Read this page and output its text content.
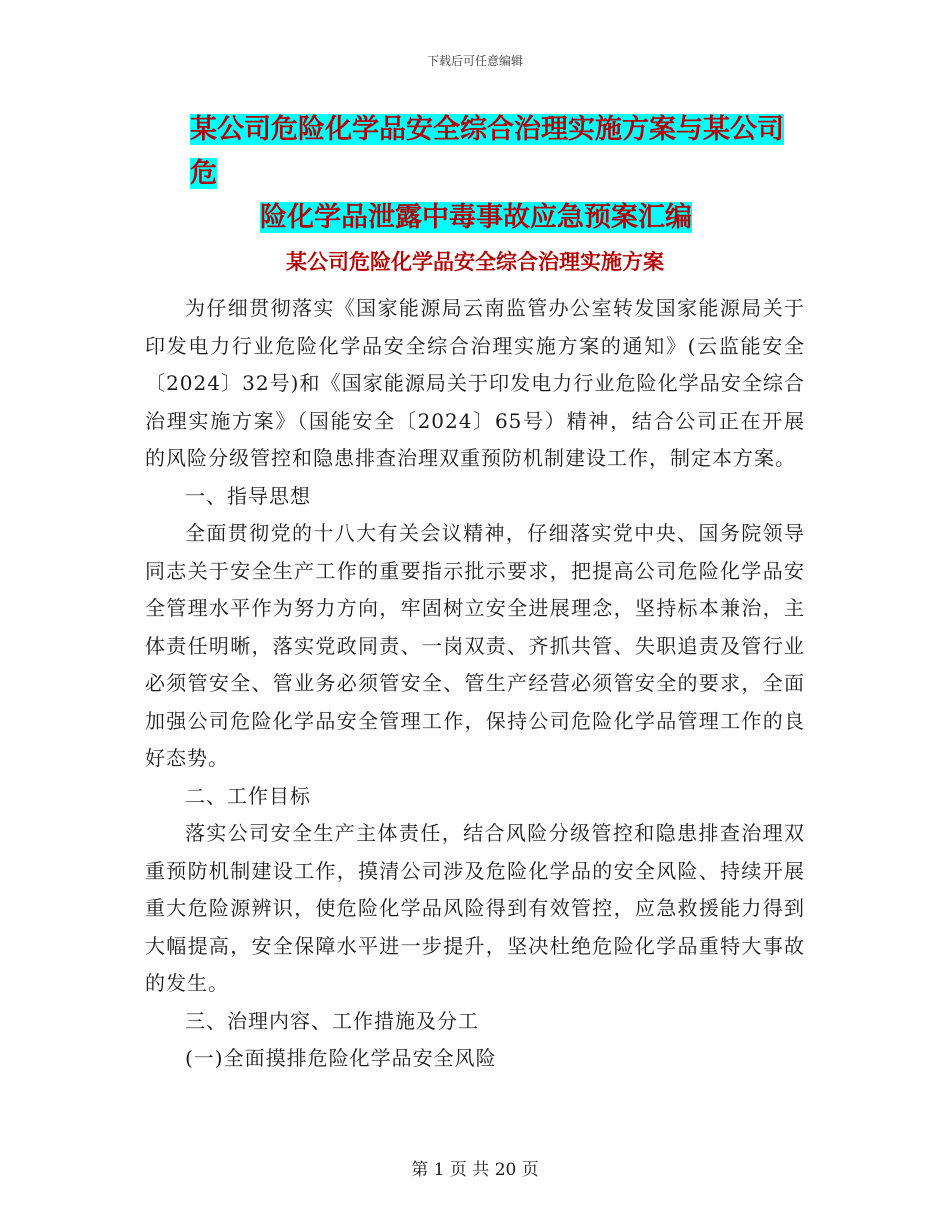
下载后可任意编辑
某公司危险化学品安全综合治理实施方案与某公司危
险化学品泄露中毒事故应急预案汇编
某公司危险化学品安全综合治理实施方案

为仔细贯彻落实《国家能源局云南监管办公室转发国家能源局关于印发电力行业危险化学品安全综合治理实施方案的通知》(云监能安全〔2024〕32号)和《国家能源局关于印发电力行业危险化学品安全综合治理实施方案》（国能安全〔2024〕65号）精神，结合公司正在开展的风险分级管控和隐患排查治理双重预防机制建设工作，制定本方案。

一、指导思想

全面贯彻党的十八大有关会议精神，仔细落实党中央、国务院领导同志关于安全生产工作的重要指示批示要求，把提高公司危险化学品安全管理水平作为努力方向，牢固树立安全进展理念，坚持标本兼治，主体责任明晰，落实党政同责、一岗双责、齐抓共管、失职追责及管行业必须管安全、管业务必须管安全、管生产经营必须管安全的要求，全面加强公司危险化学品安全管理工作，保持公司危险化学品管理工作的良好态势。

二、工作目标

落实公司安全生产主体责任，结合风险分级管控和隐患排查治理双重预防机制建设工作，摸清公司涉及危险化学品的安全风险、持续开展重大危险源辨识，使危险化学品风险得到有效管控，应急救援能力得到大幅提高，安全保障水平进一步提升，坚决杜绝危险化学品重特大事故的发生。

三、治理内容、工作措施及分工

(一)全面摸排危险化学品安全风险

第 1 页 共 20 页
